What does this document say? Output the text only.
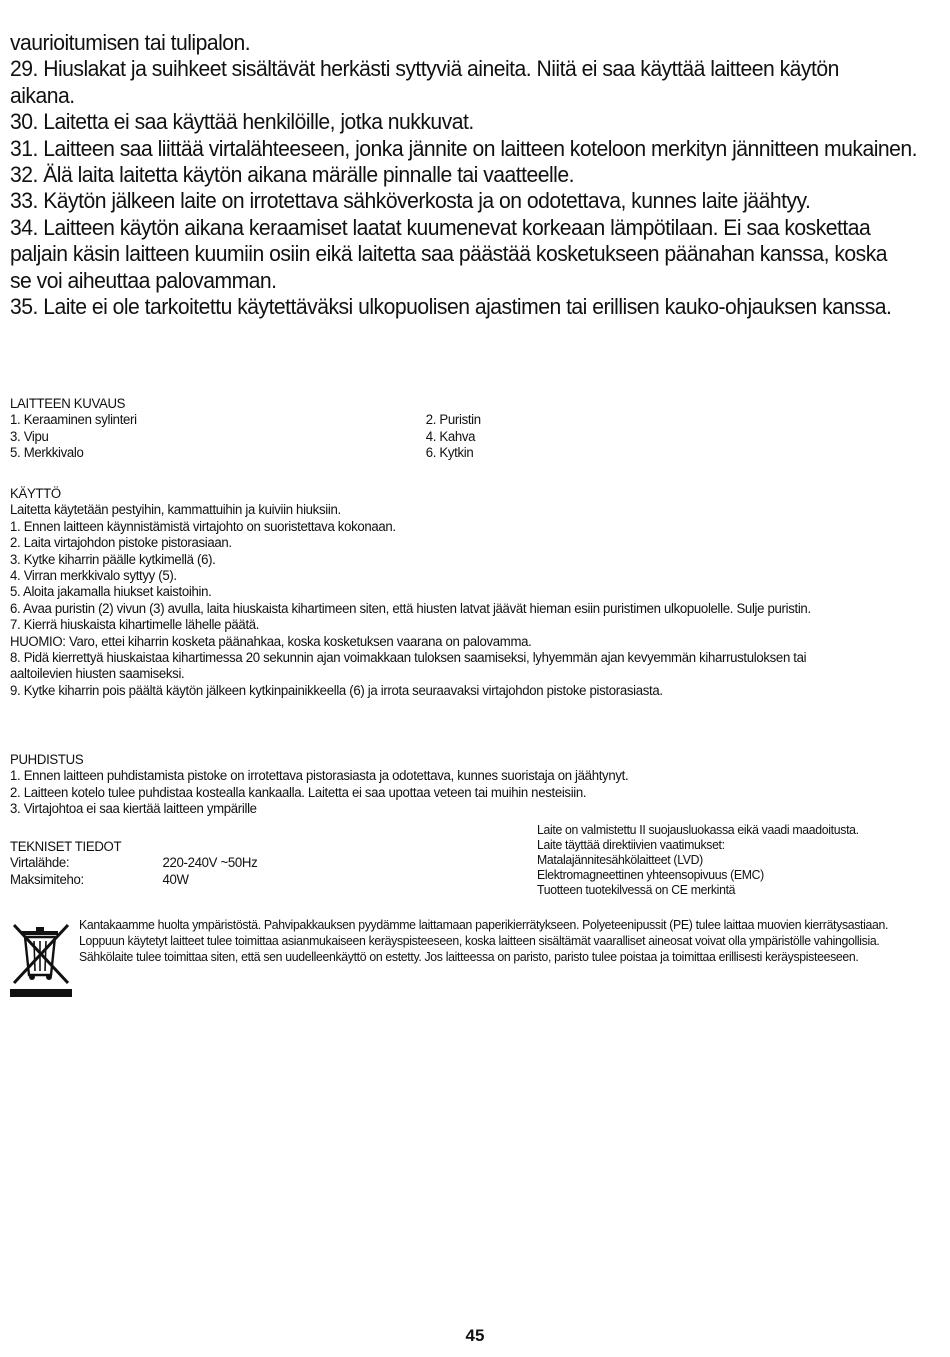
vaurioitumisen tai tulipalon.

29. Hiuslakat ja suihkeet sisältävät herkästi syttyviä aineita. Niitä ei saa käyttää laitteen käytön aikana.

30. Laitetta ei saa käyttää henkilöille, jotka nukkuvat.

31. Laitteen saa liittää virtalähteeseen, jonka jännite on laitteen koteloon merkityn jännitteen mukainen.

32. Älä laita laitetta käytön aikana märälle pinnalle tai vaatteelle.

33. Käytön jälkeen laite on irrotettava sähköverkosta ja on odotettava, kunnes laite jäähtyy.

34. Laitteen käytön aikana keraamiset laatat kuumenevat korkeaan lämpötilaan. Ei saa koskettaa paljain käsin laitteen kuumiin osiin eikä laitetta saa päästää kosketukseen päänahan kanssa, koska se voi aiheuttaa palovamman.

35. Laite ei ole tarkoitettu käytettäväksi ulkopuolisen ajastimen tai erillisen kauko-ohjauksen kanssa.

LAITTEEN KUVAUS

1. Keraaminen sylinteri	2. Puristin
3. Vipu	4. Kahva
5. Merkkivalo	6. Kytkin

KÄYTTÖ

Laitetta käytetään pestyihin, kammattuihin ja kuiviin hiuksiin.

1. Ennen laitteen käynnistämistä virtajohto on suoristettava kokonaan.

2. Laita virtajohdon pistoke pistorasiaan.

3. Kytke kiharrin päälle kytkimellä (6).

4. Virran merkkivalo syttyy (5).

5. Aloita jakamalla hiukset kaistoihin.

6. Avaa puristin (2) vivun (3) avulla, laita hiuskaista kihartimeen siten, että hiusten latvat jäävät hieman esiin puristimen ulkopuolelle. Sulje puristin.

7. Kierrä hiuskaista kihartimelle lähelle päätä.

HUOMIO: Varo, ettei kiharrin kosketa päänahkaa, koska kosketuksen vaarana on palovamma.

8. Pidä kierrettyä hiuskaistaa kihartimessa 20 sekunnin ajan voimakkaan tuloksen saamiseksi, lyhyemmän ajan kevyemmän kiharrustuloksen tai aaltoilevien hiusten saamiseksi.

9. Kytke kiharrin pois päältä käytön jälkeen kytkinpainikkeella (6) ja irrota seuraavaksi virtajohdon pistoke pistorasiasta.

PUHDISTUS

1. Ennen laitteen puhdistamista pistoke on irrotettava pistorasiasta ja odotettava, kunnes suoristaja on jäähtynyt.

2. Laitteen kotelo tulee puhdistaa kostealla kankaalla. Laitetta ei saa upottaa veteen tai muihin nesteisiin.

3. Virtajohtoa ei saa kiertää laitteen ympärille

TEKNISET TIEDOT

Virtalähde:	220-240V ~50Hz
Maksimiteho:	40W

Laite on valmistettu II suojausluokassa eikä vaadi maadoitusta.

Laite täyttää direktiivien vaatimukset:

Matalajännitesähkölaitteet (LVD)

Elektromagneettinen yhteensopivuus (EMC)

Tuotteen tuotekilvessä on CE merkintä

Kantakaamme huolta ympäristöstä. Pahvipakkauksen pyydämme laittamaan paperikierrätykseen. Polyeteenipussit (PE) tulee laittaa muovien kierrätysastiaan. Loppuun käytetyt laitteet tulee toimittaa asianmukaiseen keräyspisteeseen, koska laitteen sisältämät vaaralliset aineosat voivat olla ympäristölle vahingollisia. Sähkölaite tulee toimittaa siten, että sen uudelleenkäyttö on estetty. Jos laitteessa on paristo, paristo tulee poistaa ja toimittaa erillisesti keräyspisteeseen.

45
